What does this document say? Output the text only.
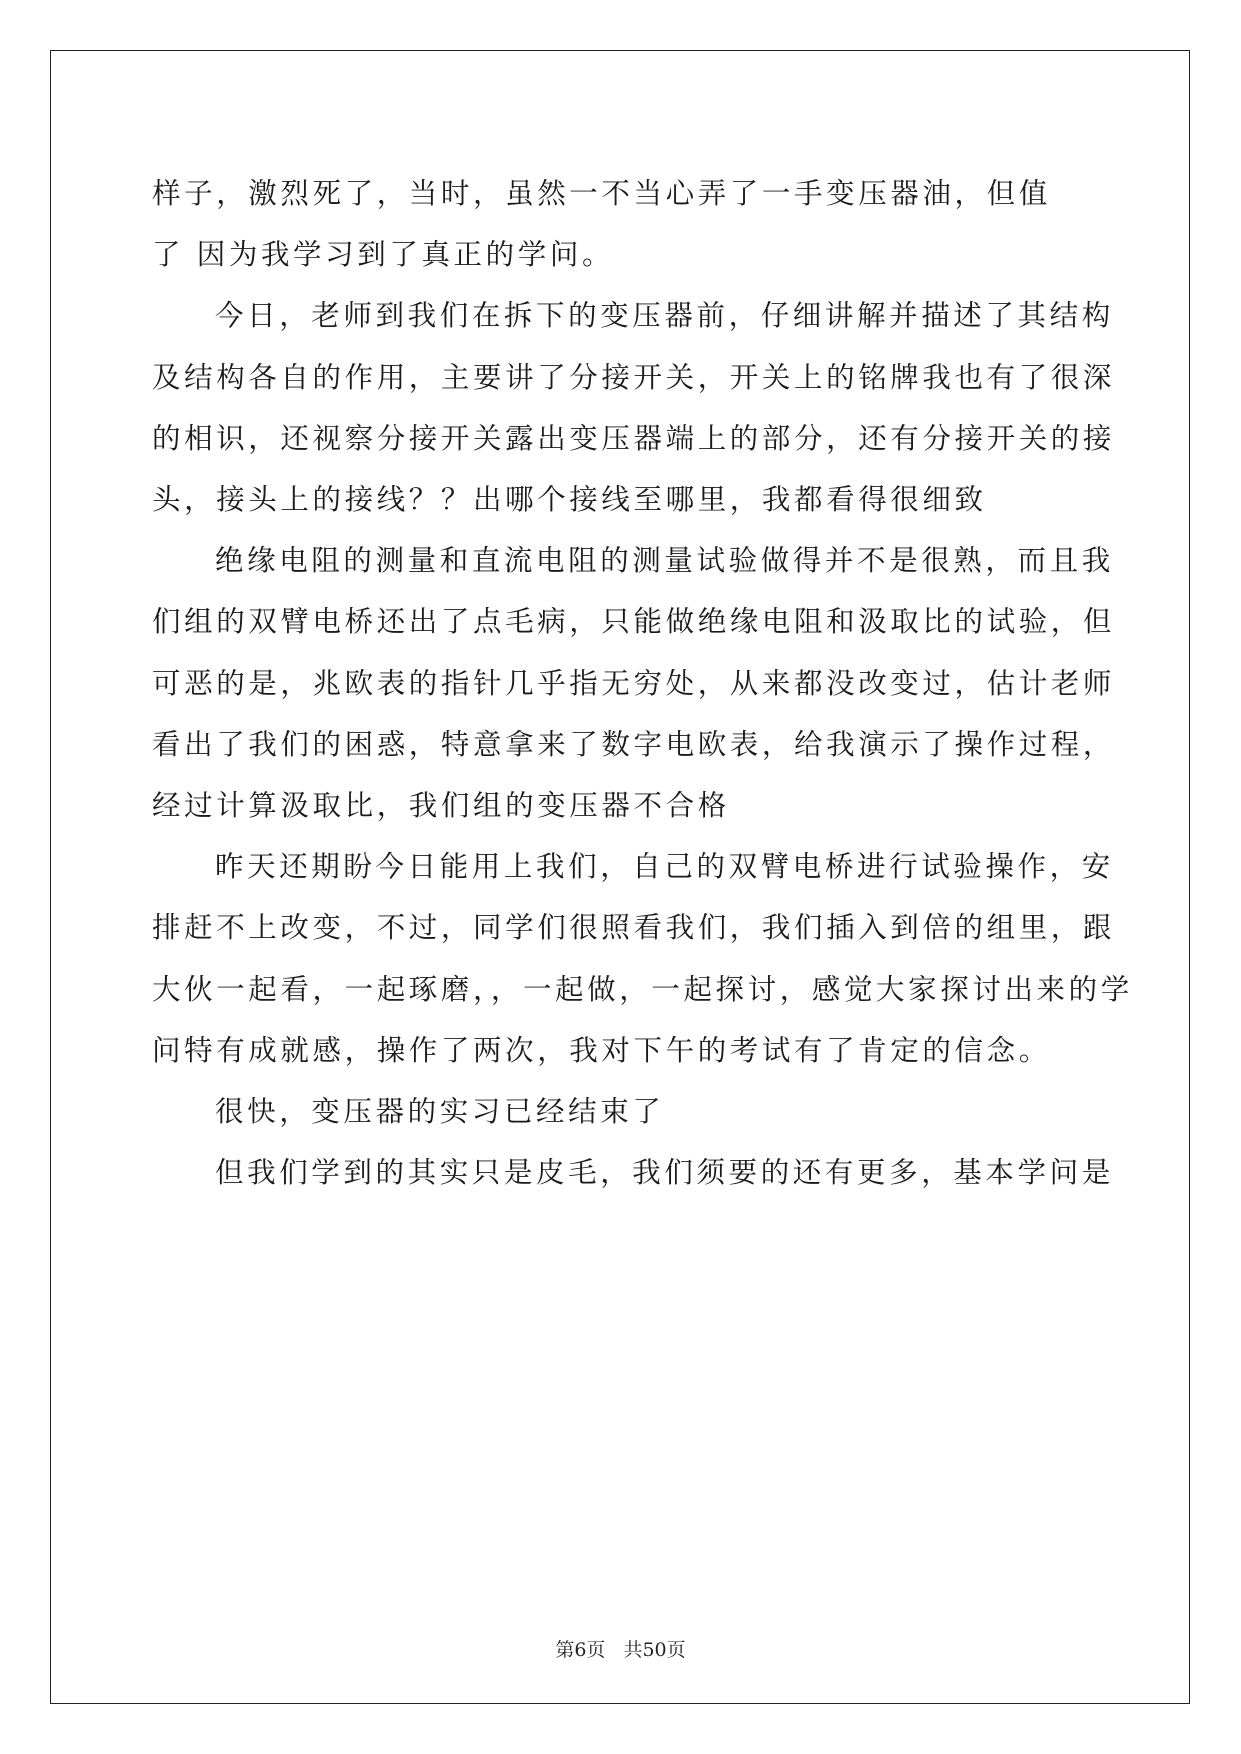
样子，激烈死了，当时，虽然一不当心弄了一手变压器油，但值
了 因为我学习到了真正的学问。

今日，老师到我们在拆下的变压器前，仔细讲解并描述了其结构
及结构各自的作用，主要讲了分接开关，开关上的铭牌我也有了很深
的相识，还视察分接开关露出变压器端上的部分，还有分接开关的接
头，接头上的接线？？出哪个接线至哪里，我都看得很细致

绝缘电阻的测量和直流电阻的测量试验做得并不是很熟，而且我
们组的双臂电桥还出了点毛病，只能做绝缘电阻和汲取比的试验，但
可恶的是，兆欧表的指针几乎指无穷处，从来都没改变过，估计老师
看出了我们的困惑，特意拿来了数字电欧表，给我演示了操作过程，
经过计算汲取比，我们组的变压器不合格

昨天还期盼今日能用上我们，自己的双臂电桥进行试验操作，安
排赶不上改变，不过，同学们很照看我们，我们插入到倍的组里，跟
大伙一起看，一起琢磨，，一起做，一起探讨，感觉大家探讨出来的学
问特有成就感，操作了两次，我对下午的考试有了肯定的信念。

很快，变压器的实习已经结束了

但我们学到的其实只是皮毛，我们须要的还有更多，基本学问是

第6页 共50页
